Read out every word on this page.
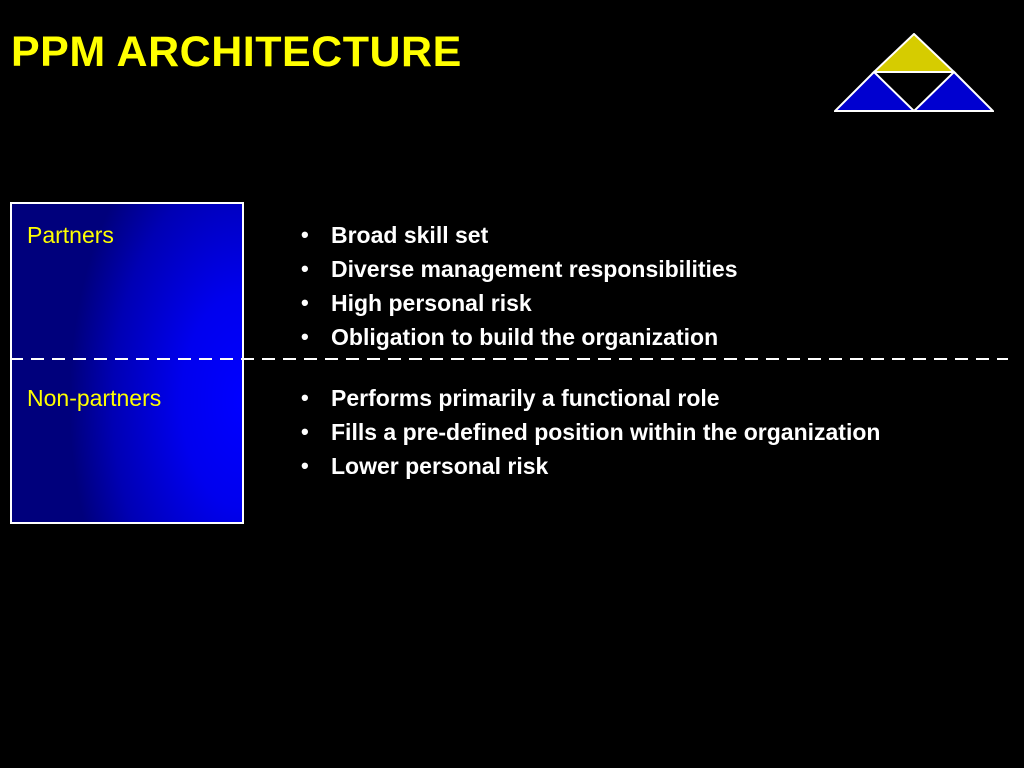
PPM ARCHITECTURE
Partners
Non-partners
• Broad skill set
• Diverse management responsibilities
• High personal risk
• Obligation to build the organization
• Performs primarily a functional role
• Fills a pre-defined position within the organization
• Lower personal risk
